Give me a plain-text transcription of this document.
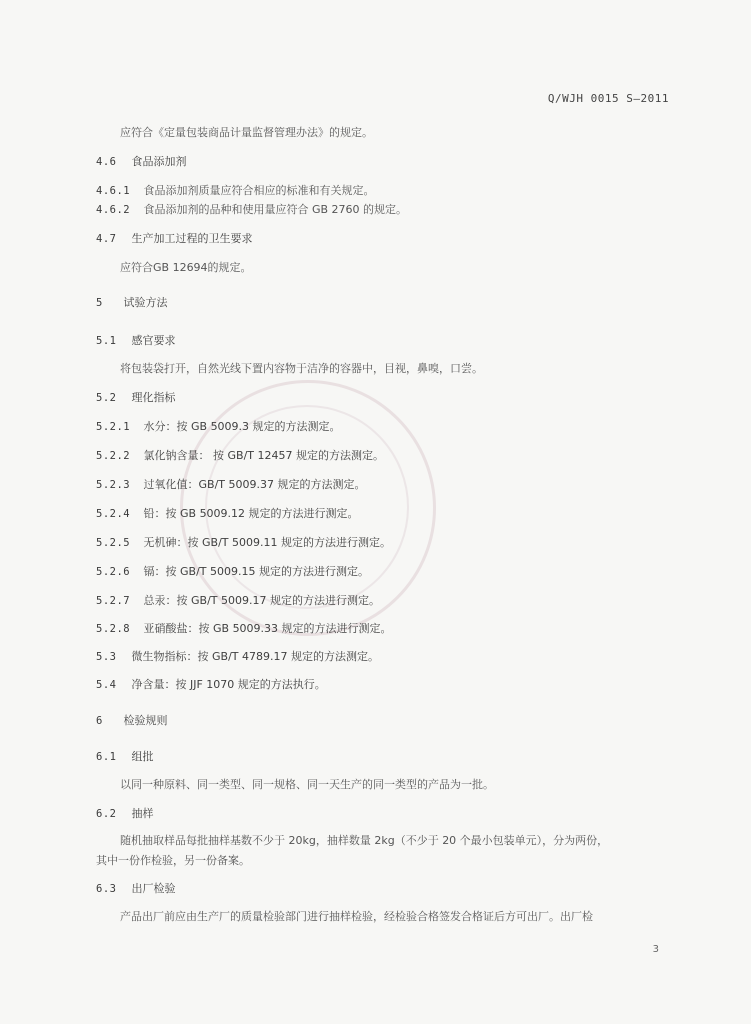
Q/WJH 0015 S—2011
应符合《定量包装商品计量监督管理办法》的规定。
4.6 食品添加剂
4.6.1 食品添加剂质量应符合相应的标准和有关规定。
4.6.2 食品添加剂的品种和使用量应符合 GB 2760 的规定。
4.7 生产加工过程的卫生要求
应符合GB 12694的规定。
5 试验方法
5.1 感官要求
将包装袋打开，自然光线下置内容物于洁净的容器中，目视，鼻嗅，口尝。
5.2 理化指标
5.2.1 水分：按 GB 5009.3 规定的方法测定。
5.2.2 氯化钠含量： 按 GB/T 12457 规定的方法测定。
5.2.3 过氧化值：GB/T 5009.37 规定的方法测定。
5.2.4 铅：按 GB 5009.12 规定的方法进行测定。
5.2.5 无机砷：按 GB/T 5009.11 规定的方法进行测定。
5.2.6 镉：按 GB/T 5009.15 规定的方法进行测定。
5.2.7 总汞：按 GB/T 5009.17 规定的方法进行测定。
5.2.8 亚硝酸盐：按 GB 5009.33 规定的方法进行测定。
5.3 微生物指标：按 GB/T 4789.17 规定的方法测定。
5.4 净含量：按 JJF 1070 规定的方法执行。
6 检验规则
6.1 组批
以同一种原料、同一类型、同一规格、同一天生产的同一类型的产品为一批。
6.2 抽样
随机抽取样品每批抽样基数不少于 20kg，抽样数量 2kg（不少于 20 个最小包装单元），分为两份，
其中一份作检验，另一份备案。
6.3 出厂检验
产品出厂前应由生产厂的质量检验部门进行抽样检验，经检验合格签发合格证后方可出厂。出厂检
3
